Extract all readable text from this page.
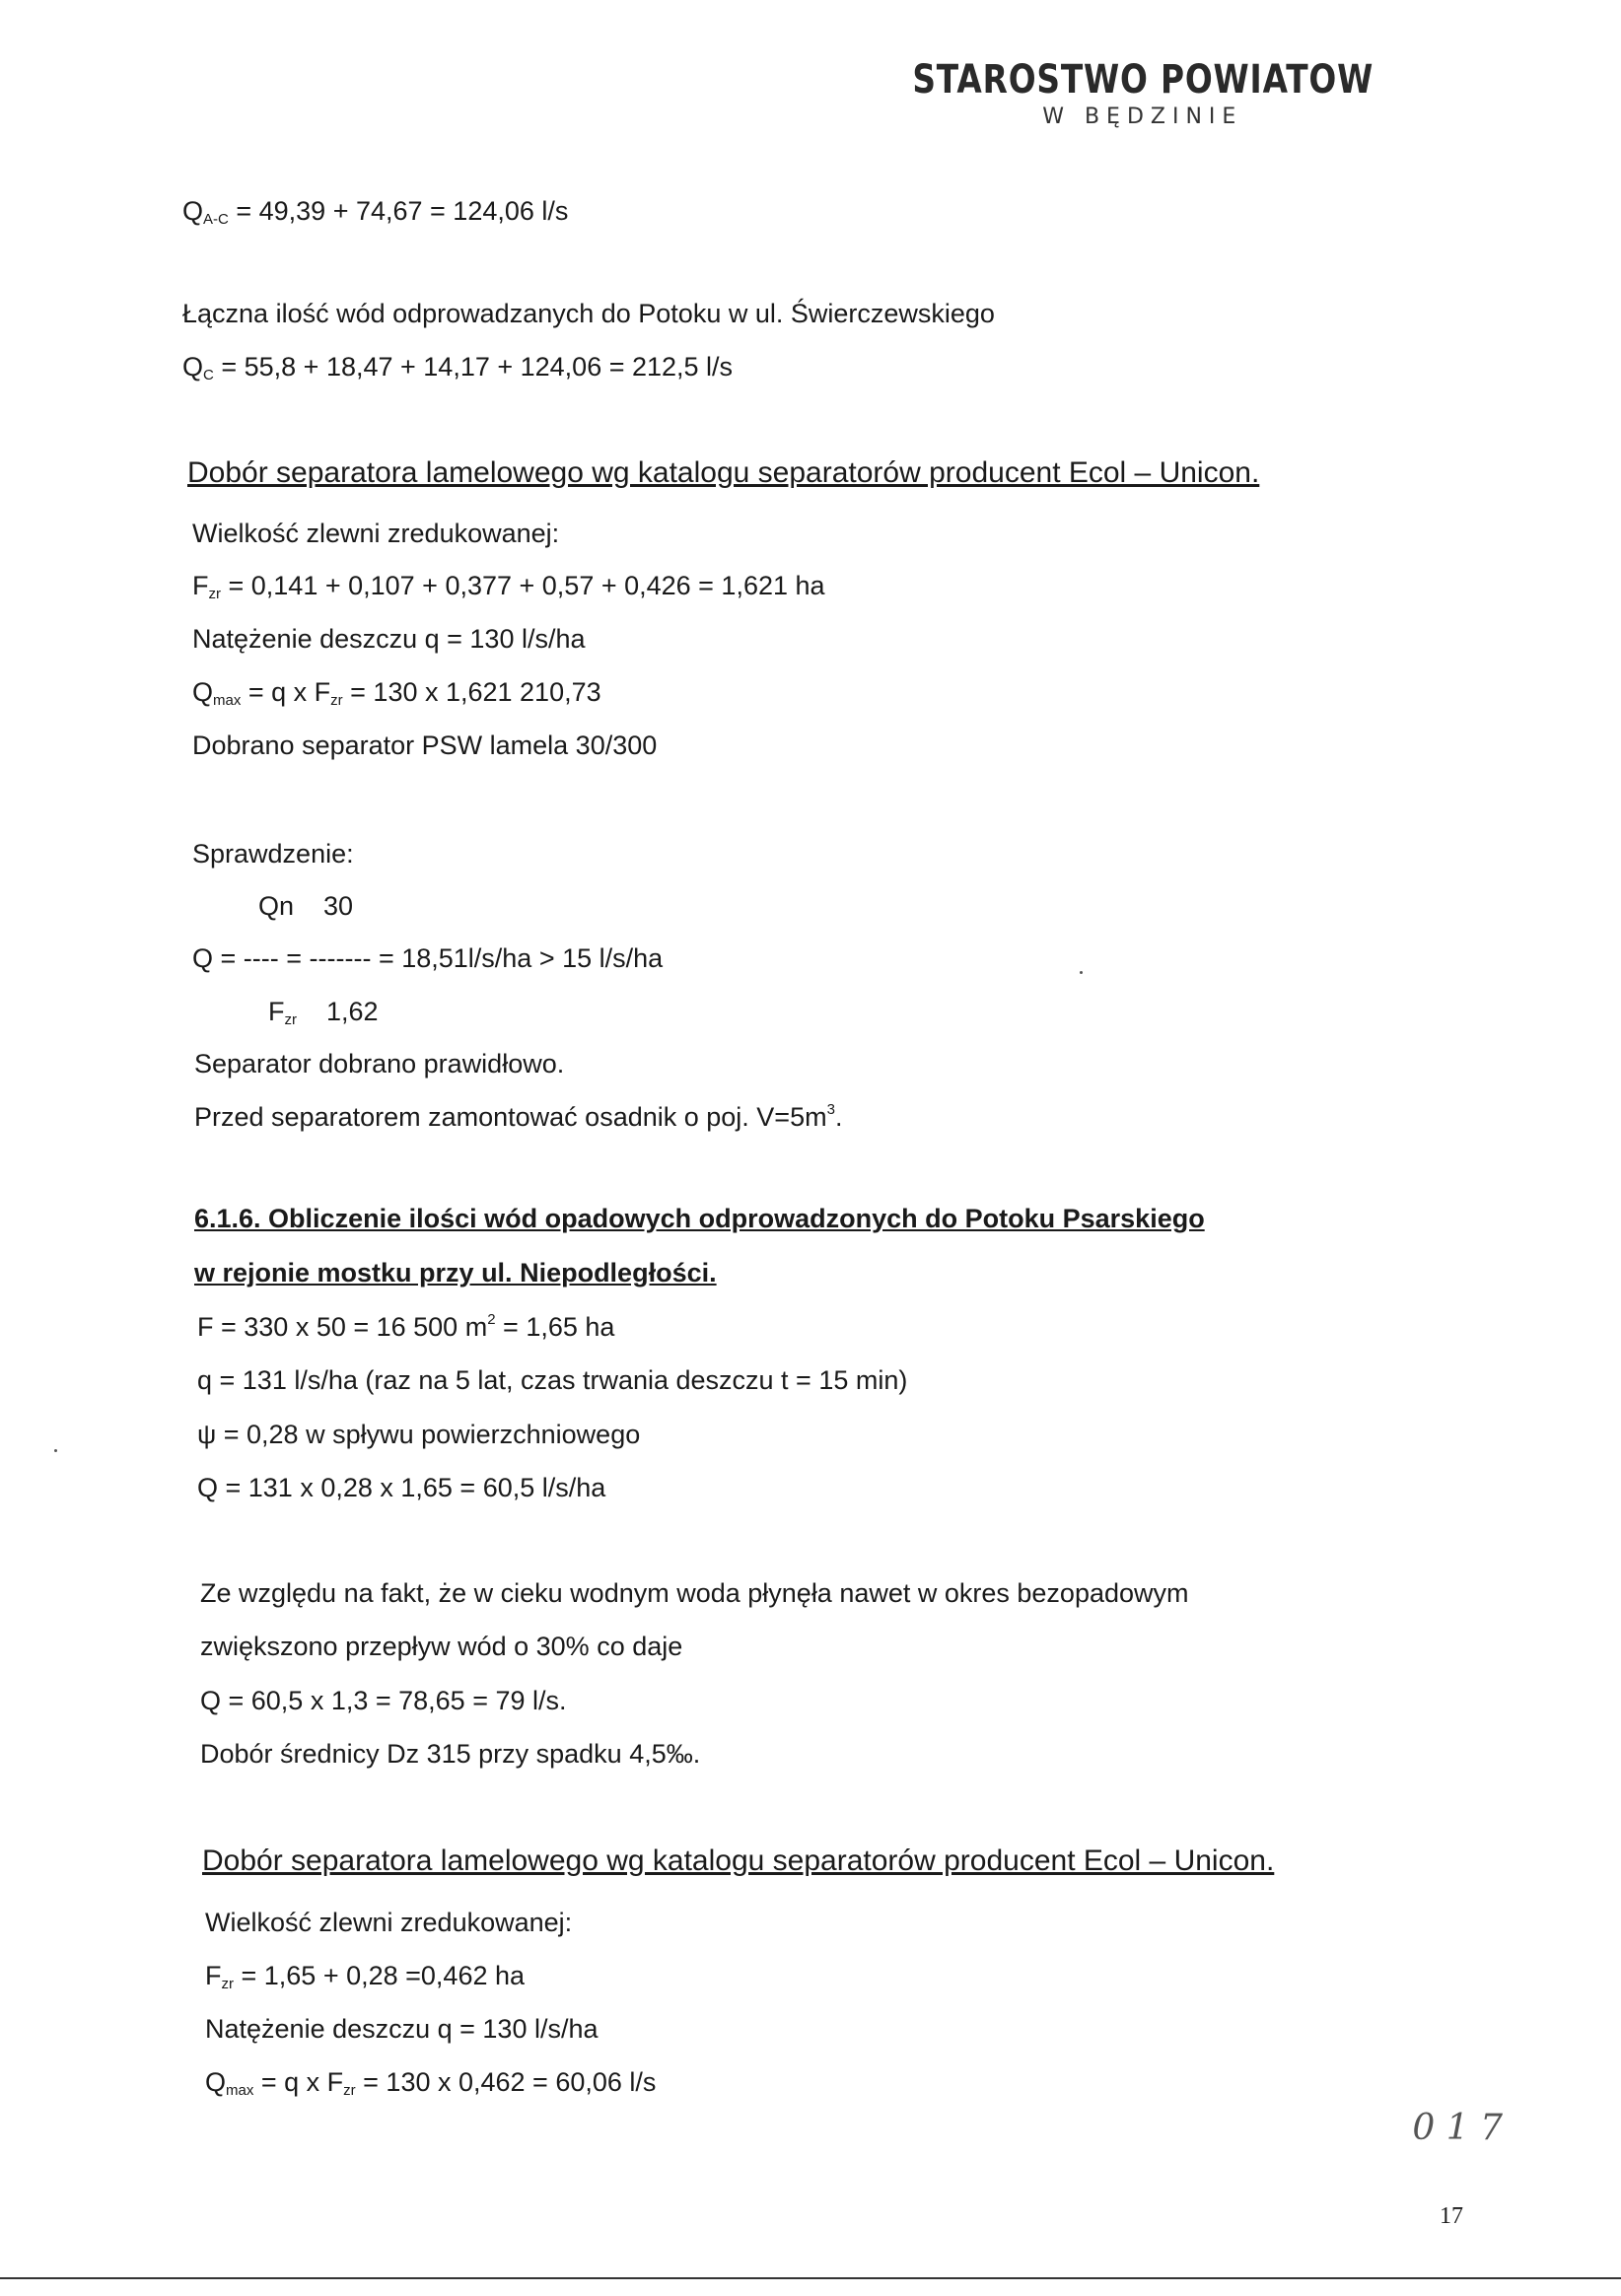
STAROSTWO POWIATOW
W BĘDZINIE
$Q_{A-C} = 49,39 + 74,67 = 124,06$ l/s
Łączna ilość wód odprowadzanych do Potoku w ul. Świerczewskiego
$Q_C = 55,8 + 18,47 + 14,17 + 124,06 = 212,5$ l/s
Dobór separatora lamelowego wg katalogu separatorów producent Ecol – Unicon.
Wielkość zlewni zredukowanej:
$F_{zr} = 0,141 + 0,107 + 0,377 + 0,57 + 0,426 = 1,621$ ha
Natężenie deszczu q = 130 l/s/ha
$Q_{max} = q$ x $F_{zr} = 130$ x 1,621 210,73
Dobrano separator PSW lamela 30/300
Sprawdzenie:
Qn    30
Q = ---- = ------- = 18,51l/s/ha > 15 l/s/ha
$F_{zr}$    1,62
Separator dobrano prawidłowo.
Przed separatorem zamontować osadnik o poj. $V=5m^3$.
6.1.6. Obliczenie ilości wód opadowych odprowadzonych do Potoku Psarskiego
w rejonie mostku przy ul. Niepodległości.
F = 330 x 50 = 16 500 $m^2 = 1,65$ ha
q = 131 l/s/ha (raz na 5 lat, czas trwania deszczu t = 15 min)
ψ = 0,28 w spływu powierzchniowego
Q = 131 x 0,28 x 1,65 = 60,5 l/s/ha
Ze względu na fakt, że w cieku wodnym woda płynęła nawet w okres bezopadowym
zwiększono przepływ wód o 30% co daje
Q = 60,5 x 1,3 = 78,65 = 79 l/s.
Dobór średnicy Dz 315 przy spadku 4,5‰.
Dobór separatora lamelowego wg katalogu separatorów producent Ecol – Unicon.
Wielkość zlewni zredukowanej:
$F_{zr} = 1,65 + 0,28 =0,462$ ha
Natężenie deszczu q = 130 l/s/ha
$Q_{max} = q$ x $F_{zr} = 130$ x 0,462 = 60,06 l/s
0 1 7
17
